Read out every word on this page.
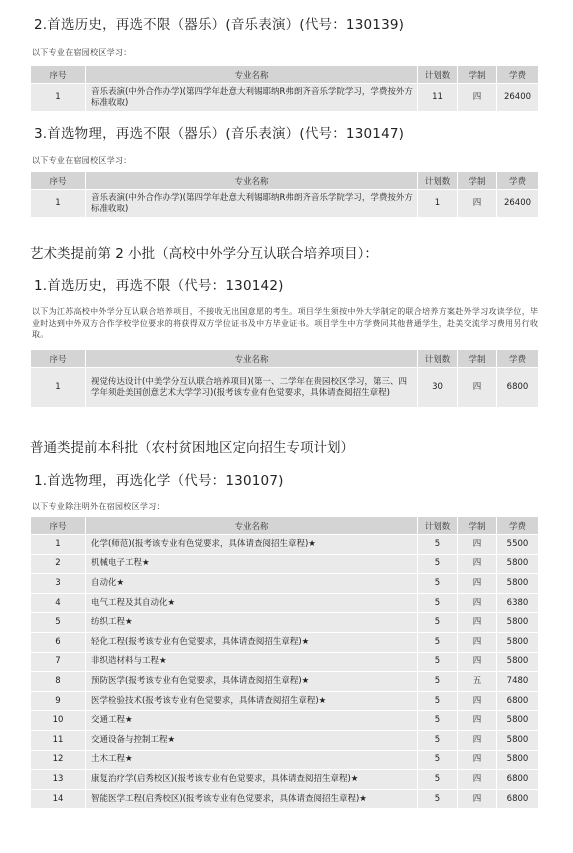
2.首选历史，再选不限（器乐）(音乐表演）(代号：130139)

以下专业在宿园校区学习：

序号	专业名称	计划数	学制	学费
1	音乐表演(中外合作办学)(第四学年赴意大利锡耶纳R弗朗齐音乐学院学习，学费按外方标准收取)	11	四	26400

3.首选物理，再选不限（器乐）(音乐表演）(代号：130147)

以下专业在宿园校区学习：

序号	专业名称	计划数	学制	学费
1	音乐表演(中外合作办学)(第四学年赴意大利锡耶纳R弗朗齐音乐学院学习，学费按外方标准收取)	1	四	26400

艺术类提前第 2 小批（高校中外学分互认联合培养项目）：

1.首选历史，再选不限（代号：130142)

以下为江苏高校中外学分互认联合培养项目，不接收无出国意愿的考生。项目学生须按中外大学制定的联合培养方案赴外学习攻读学位，毕业时达到中外双方合作学校学位要求的将获得双方学位证书及中方毕业证书。项目学生中方学费同其他普通学生，赴美交流学习费用另行收取。

序号	专业名称	计划数	学制	学费
1	视觉传达设计(中美学分互认联合培养项目)(第一、二学年在贵园校区学习，第三、四学年须赴美国创意艺术大学学习)(报考该专业有色觉要求，具体请查阅招生章程)	30	四	6800

普通类提前本科批（农村贫困地区定向招生专项计划）

1.首选物理，再选化学（代号：130107)

以下专业除注明外在宿园校区学习：

序号	专业名称	计划数	学制	学费
1	化学(师范)(报考该专业有色觉要求，具体请查阅招生章程)★	5	四	5500
2	机械电子工程★	5	四	5800
3	自动化★	5	四	5800
4	电气工程及其自动化★	5	四	6380
5	纺织工程★	5	四	5800
6	轻化工程(报考该专业有色觉要求，具体请查阅招生章程)★	5	四	5800
7	非织造材料与工程★	5	四	5800
8	预防医学(报考该专业有色觉要求，具体请查阅招生章程)★	5	五	7480
9	医学检验技术(报考该专业有色觉要求，具体请查阅招生章程)★	5	四	6800
10	交通工程★	5	四	5800
11	交通设备与控制工程★	5	四	5800
12	土木工程★	5	四	5800
13	康复治疗学(启秀校区)(报考该专业有色觉要求，具体请查阅招生章程)★	5	四	6800
14	智能医学工程(启秀校区)(报考该专业有色觉要求，具体请查阅招生章程)★	5	四	6800
